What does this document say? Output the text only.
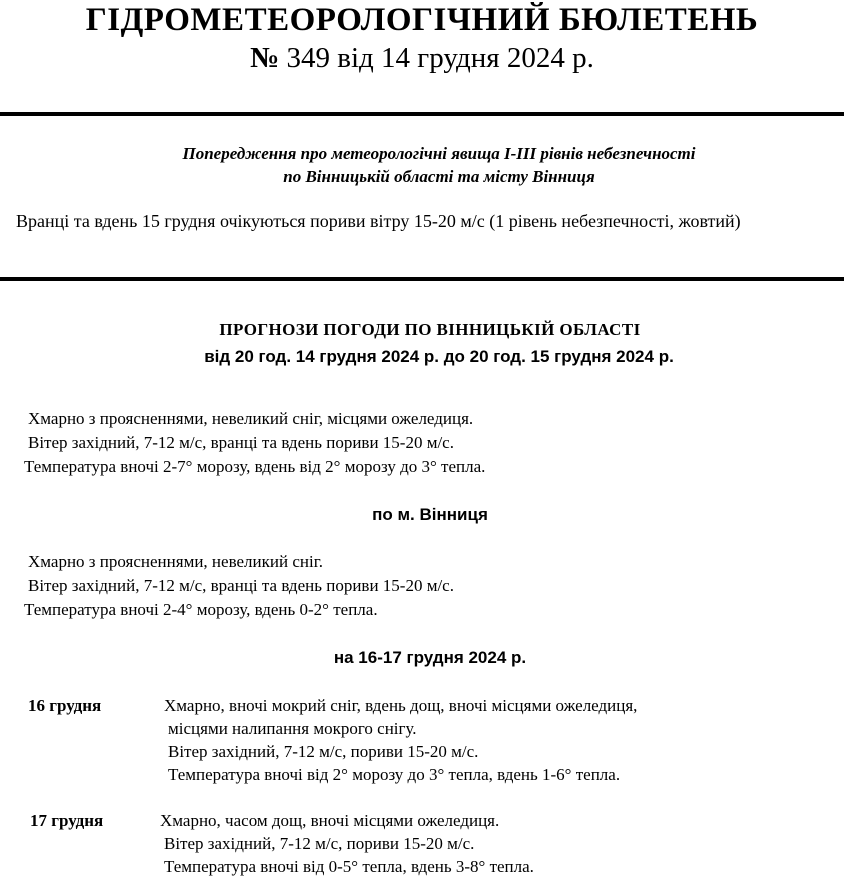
ГІДРОМЕТЕОРОЛОГІЧНИЙ БЮЛЕТЕНЬ
№ 349 від 14 грудня 2024 р.
Попередження про метеорологічні явища I-III рівнів небезпечності
по Вінницькій області та місту Вінниця
Вранці та вдень 15 грудня очікуються пориви вітру 15-20 м/с (1 рівень небезпечності, жовтий)
ПРОГНОЗИ ПОГОДИ ПО ВІННИЦЬКІЙ ОБЛАСТІ
від 20 год. 14 грудня 2024 р. до 20 год. 15 грудня 2024 р.
Хмарно з проясненнями, невеликий сніг, місцями ожеледиця.
Вітер західний, 7-12 м/с, вранці та вдень пориви 15-20 м/с.
Температура вночі 2-7° морозу, вдень від 2° морозу до 3° тепла.
по м. Вінниця
Хмарно з проясненнями, невеликий сніг.
Вітер західний, 7-12 м/с, вранці та вдень пориви 15-20 м/с.
Температура вночі 2-4° морозу, вдень 0-2° тепла.
на 16-17 грудня 2024 р.
16 грудня	Хмарно, вночі мокрий сніг, вдень дощ, вночі місцями ожеледиця,
місцями налипання мокрого снігу.
Вітер західний, 7-12 м/с, пориви 15-20 м/с.
Температура вночі від 2° морозу до 3° тепла, вдень 1-6° тепла.
17 грудня	Хмарно, часом дощ, вночі місцями ожеледиця.
Вітер західний, 7-12 м/с, пориви 15-20 м/с.
Температура вночі від 0-5° тепла, вдень 3-8° тепла.
